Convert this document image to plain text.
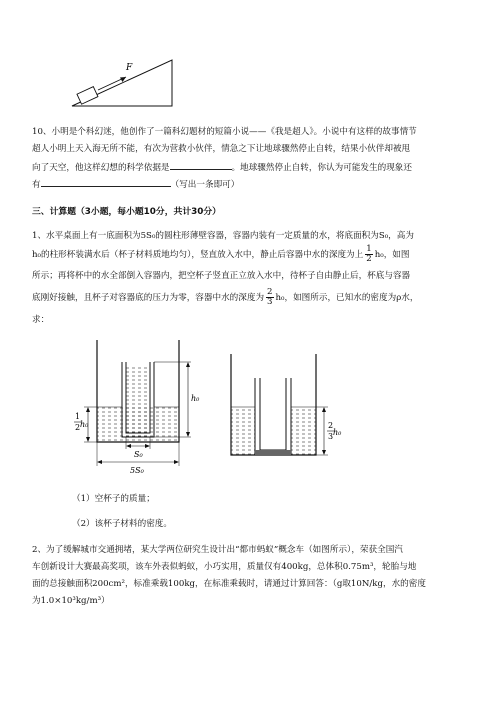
F
10、小明是个科幻迷，他创作了一篇科幻题材的短篇小说——《我是超人》。小说中有这样的故事情节
超人小明上天入海无所不能，有次为营救小伙伴，情急之下让地球骤然停止自转，结果小伙伴却被甩
向了天空，他这样幻想的科学依据是	。地球骤然停止自转，你认为可能发生的现象还
有	（写出一条即可）
三、计算题（3小题，每小题10分，共计30分）
1、水平桌面上有一底面积为5S₀的圆柱形薄壁容器，容器内装有一定质量的水，将底面积为S₀，高为
h₀的柱形杯装满水后（杯子材料质地均匀），竖直放入水中，静止后容器中水的深度为上 $\frac{1}{2} h_0$，如图
所示；再将杯中的水全部倒入容器内，把空杯子竖直正立放入水中，待杯子自由静止后，杯底与容器
底刚好接触，且杯子对容器底的压力为零，容器中水的深度为 $\frac{2}{3} h_0$，如图所示，已知水的密度为ρ水，
求：
h₀
1
2 h₀
S₀
5S₀
2
3 h₀
（1）空杯子的质量；
（2）该杯子材料的密度。
2、为了缓解城市交通拥堵，某大学两位研究生设计出“都市蚂蚁”概念车（如图所示），荣获全国汽
车创新设计大赛最高奖项，该车外表似蚂蚁，小巧实用，质量仅有400kg，总体积0.75m³，轮胎与地
面的总接触面积200cm²，标准乘载100kg，在标准乘载时，请通过计算回答：（g取10N/kg，水的密度
为1.0×10³kg/m³）
